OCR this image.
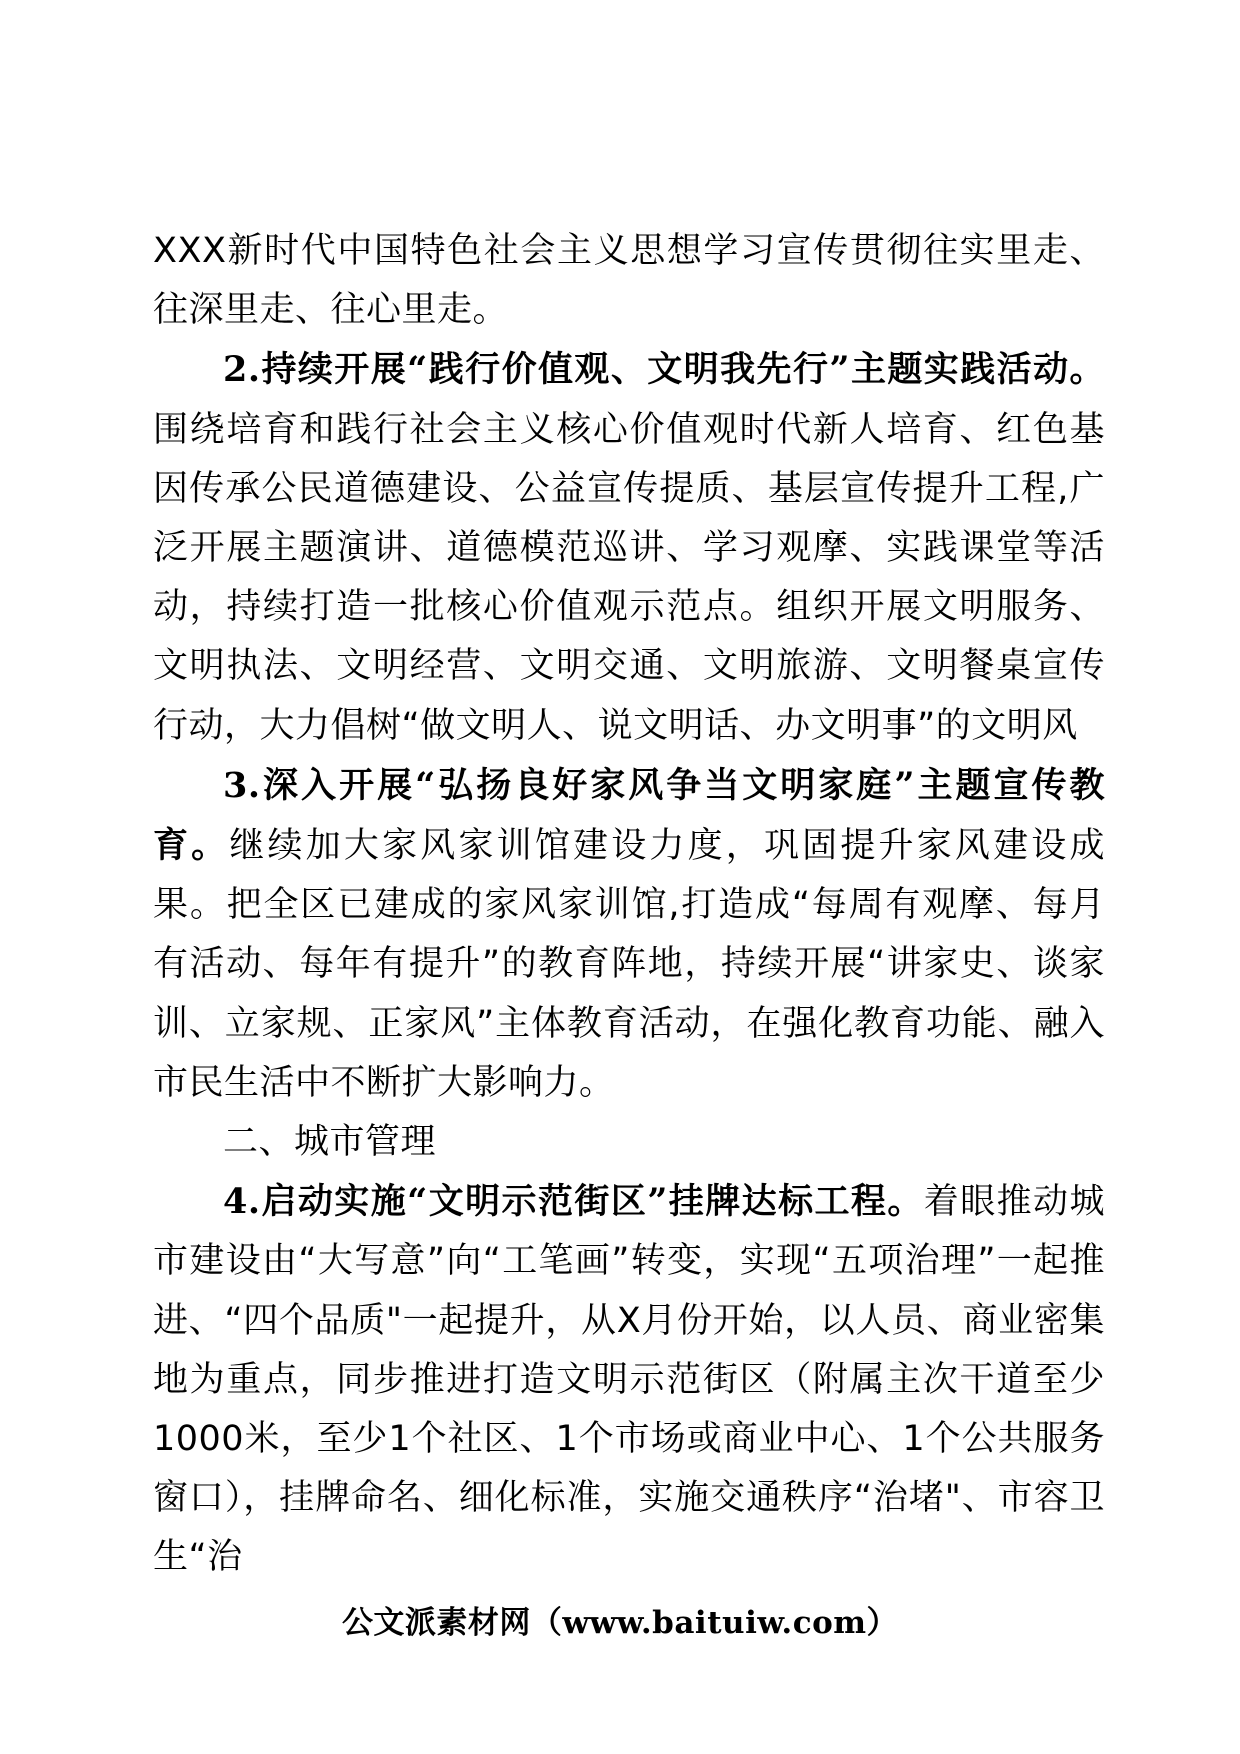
XXX新时代中国特色社会主义思想学习宣传贯彻往实里走、往深里走、往心里走。

2.持续开展“践行价值观、文明我先行”主题实践活动。围绕培育和践行社会主义核心价值观时代新人培育、红色基因传承公民道德建设、公益宣传提质、基层宣传提升工程,广泛开展主题演讲、道德模范巡讲、学习观摩、实践课堂等活动，持续打造一批核心价值观示范点。组织开展文明服务、文明执法、文明经营、文明交通、文明旅游、文明餐桌宣传行动，大力倡树“做文明人、说文明话、办文明事”的文明风

3.深入开展“弘扬良好家风争当文明家庭”主题宣传教育。继续加大家风家训馆建设力度，巩固提升家风建设成果。把全区已建成的家风家训馆,打造成“每周有观摩、每月有活动、每年有提升”的教育阵地，持续开展“讲家史、谈家训、立家规、正家风”主体教育活动，在强化教育功能、融入市民生活中不断扩大影响力。

二、城市管理

4.启动实施“文明示范街区”挂牌达标工程。着眼推动城市建设由“大写意”向“工笔画”转变，实现“五项治理”一起推进、“四个品质"一起提升，从X月份开始，以人员、商业密集地为重点，同步推进打造文明示范街区（附属主次干道至少1000米，至少1个社区、1个市场或商业中心、1个公共服务窗口），挂牌命名、细化标准，实施交通秩序“治堵"、市容卫生“治

公文派素材网（www.baituiw.com）
